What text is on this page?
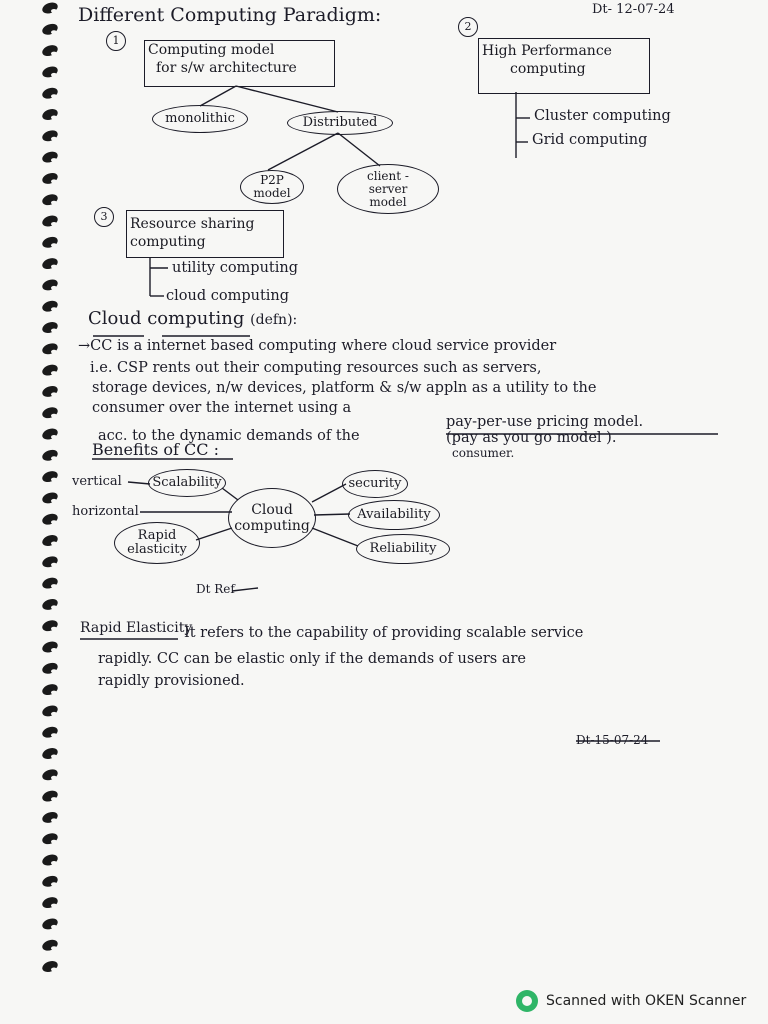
Different Computing Paradigm:	Dt- 12-07-24
1
Computing model
for s/w architecture
monolithic	Distributed
P2P
model
client -
server
model
2
High Performance
computing
Cluster computing
Grid computing
3	Resource sharing
computing
utility computing
cloud computing
Cloud computing (defn):
→CC is a internet based computing where cloud service provider
i.e. CSP rents out their computing resources such as servers,
storage devices, n/w devices, platform & s/w appln as a utility to the
consumer over the internet using a
pay-per-use pricing model.
acc. to the dynamic demands of the	(pay as you go model ).
consumer.
Benefits of CC :
vertical
horizontal
Scalability
Rapid
elasticity
Cloud
computing
security
Availability
Reliability
Dt Ref
Rapid Elasticity
It refers to the capability of providing scalable service
rapidly. CC can be elastic only if the demands of users are
rapidly provisioned.
Dt-15-07-24
Scanned with OKEN Scanner
